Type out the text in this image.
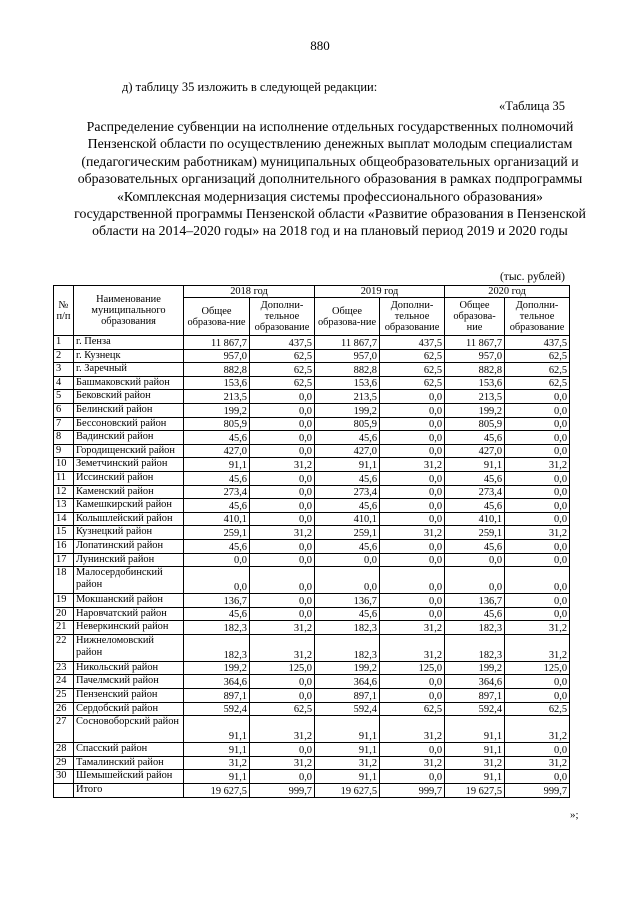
880
д) таблицу 35 изложить в следующей редакции:
«Таблица 35
Распределение субвенции на исполнение отдельных государственных полномочий Пензенской области по осуществлению денежных выплат молодым специалистам (педагогическим работникам) муниципальных общеобразовательных организаций и образовательных организаций дополнительного образования в рамках подпрограммы «Комплексная модернизация системы профессионального образования» государственной программы Пензенской области «Развитие образования в Пензенской области на 2014–2020 годы» на 2018 год и на плановый период 2019 и 2020 годы
(тыс. рублей)
№ п/п	Наименование муниципального образования	2018 год		2019 год		2020 год	
		Общее образова-ние	Дополни-тельное образование	Общее образова-ние	Дополни-тельное образование	Общее образова-ние	Дополни-тельное образование
1	г. Пенза	11 867,7	437,5	11 867,7	437,5	11 867,7	437,5
2	г. Кузнецк	957,0	62,5	957,0	62,5	957,0	62,5
3	г. Заречный	882,8	62,5	882,8	62,5	882,8	62,5
4	Башмаковский район	153,6	62,5	153,6	62,5	153,6	62,5
5	Бековский район	213,5	0,0	213,5	0,0	213,5	0,0
6	Белинский район	199,2	0,0	199,2	0,0	199,2	0,0
7	Бессоновский район	805,9	0,0	805,9	0,0	805,9	0,0
8	Вадинский район	45,6	0,0	45,6	0,0	45,6	0,0
9	Городищенский район	427,0	0,0	427,0	0,0	427,0	0,0
10	Земетчинский район	91,1	31,2	91,1	31,2	91,1	31,2
11	Иссинский район	45,6	0,0	45,6	0,0	45,6	0,0
12	Каменский район	273,4	0,0	273,4	0,0	273,4	0,0
13	Камешкирский район	45,6	0,0	45,6	0,0	45,6	0,0
14	Колышлейский район	410,1	0,0	410,1	0,0	410,1	0,0
15	Кузнецкий район	259,1	31,2	259,1	31,2	259,1	31,2
16	Лопатинский район	45,6	0,0	45,6	0,0	45,6	0,0
17	Лунинский район	0,0	0,0	0,0	0,0	0,0	0,0
18	Малосердобинский район	0,0	0,0	0,0	0,0	0,0	0,0
19	Мокшанский район	136,7	0,0	136,7	0,0	136,7	0,0
20	Наровчатский район	45,6	0,0	45,6	0,0	45,6	0,0
21	Неверкинский район	182,3	31,2	182,3	31,2	182,3	31,2
22	Нижнеломовский район	182,3	31,2	182,3	31,2	182,3	31,2
23	Никольский район	199,2	125,0	199,2	125,0	199,2	125,0
24	Пачелмский район	364,6	0,0	364,6	0,0	364,6	0,0
25	Пензенский район	897,1	0,0	897,1	0,0	897,1	0,0
26	Сердобский район	592,4	62,5	592,4	62,5	592,4	62,5
27	Сосновоборский район	91,1	31,2	91,1	31,2	91,1	31,2
28	Спасский район	91,1	0,0	91,1	0,0	91,1	0,0
29	Тамалинский район	31,2	31,2	31,2	31,2	31,2	31,2
30	Шемышейский район	91,1	0,0	91,1	0,0	91,1	0,0
	Итого	19 627,5	999,7	19 627,5	999,7	19 627,5	999,7
»;
